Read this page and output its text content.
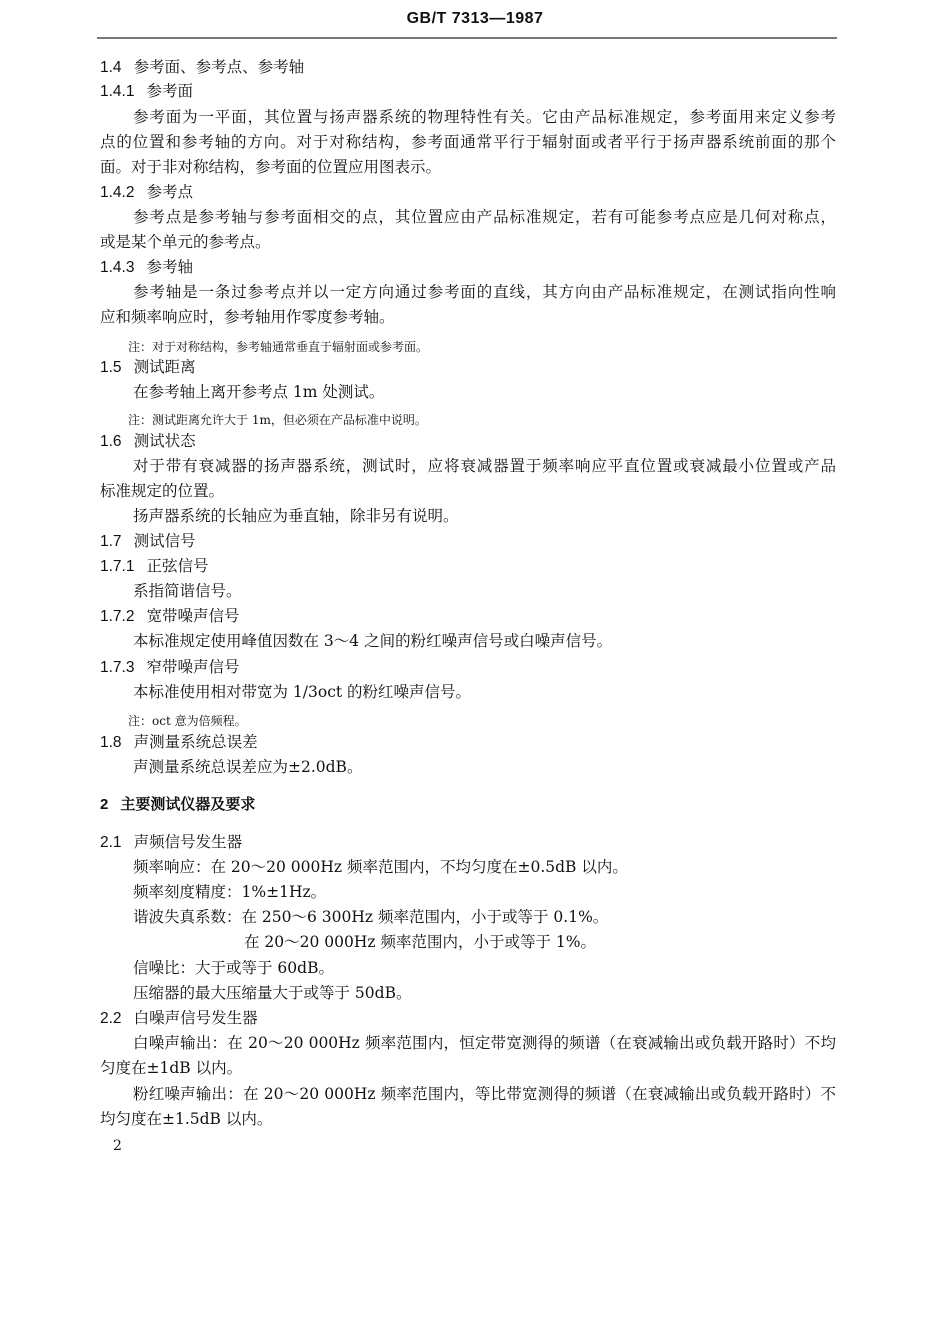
GB/T 7313—1987
1.4 参考面、参考点、参考轴
1.4.1 参考面
参考面为一平面，其位置与扬声器系统的物理特性有关。它由产品标准规定，参考面用来定义参考
点的位置和参考轴的方向。对于对称结构，参考面通常平行于辐射面或者平行于扬声器系统前面的那个
面。对于非对称结构，参考面的位置应用图表示。
1.4.2 参考点
参考点是参考轴与参考面相交的点，其位置应由产品标准规定，若有可能参考点应是几何对称点，
或是某个单元的参考点。
1.4.3 参考轴
参考轴是一条过参考点并以一定方向通过参考面的直线，其方向由产品标准规定，在测试指向性响
应和频率响应时，参考轴用作零度参考轴。
注：对于对称结构，参考轴通常垂直于辐射面或参考面。
1.5 测试距离
在参考轴上离开参考点 1m 处测试。
注：测试距离允许大于 1m，但必须在产品标准中说明。
1.6 测试状态
对于带有衰减器的扬声器系统，测试时，应将衰减器置于频率响应平直位置或衰减最小位置或产品
标准规定的位置。
扬声器系统的长轴应为垂直轴，除非另有说明。
1.7 测试信号
1.7.1 正弦信号
系指简谐信号。
1.7.2 宽带噪声信号
本标准规定使用峰值因数在 3～4 之间的粉红噪声信号或白噪声信号。
1.7.3 窄带噪声信号
本标准使用相对带宽为 1/3oct 的粉红噪声信号。
注：oct 意为倍频程。
1.8 声测量系统总误差
声测量系统总误差应为±2.0dB。
2 主要测试仪器及要求
2.1 声频信号发生器
频率响应：在 20～20 000Hz 频率范围内，不均匀度在±0.5dB 以内。
频率刻度精度：1%±1Hz。
谐波失真系数：在 250～6 300Hz 频率范围内，小于或等于 0.1%。
在 20～20 000Hz 频率范围内，小于或等于 1%。
信噪比：大于或等于 60dB。
压缩器的最大压缩量大于或等于 50dB。
2.2 白噪声信号发生器
白噪声输出：在 20～20 000Hz 频率范围内，恒定带宽测得的频谱（在衰减输出或负载开路时）不均
匀度在±1dB 以内。
粉红噪声输出：在 20～20 000Hz 频率范围内，等比带宽测得的频谱（在衰减输出或负载开路时）不
均匀度在±1.5dB 以内。
2
